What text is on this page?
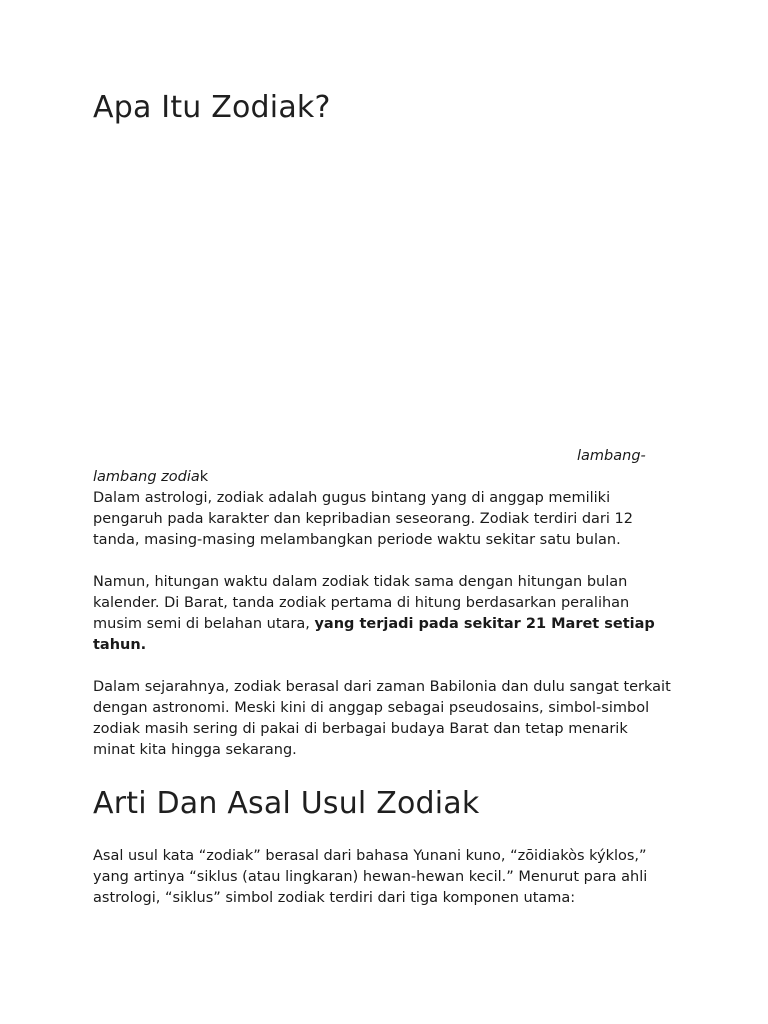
Apa Itu Zodiak?
lambang-
lambang zodiak

Dalam astrologi, zodiak adalah gugus bintang yang di anggap memiliki
pengaruh pada karakter dan kepribadian seseorang. Zodiak terdiri dari 12
tanda, masing-masing melambangkan periode waktu sekitar satu bulan.

Namun, hitungan waktu dalam zodiak tidak sama dengan hitungan bulan
kalender. Di Barat, tanda zodiak pertama di hitung berdasarkan peralihan
musim semi di belahan utara, yang terjadi pada sekitar 21 Maret setiap
tahun.

Dalam sejarahnya, zodiak berasal dari zaman Babilonia dan dulu sangat terkait
dengan astronomi. Meski kini di anggap sebagai pseudosains, simbol-simbol
zodiak masih sering di pakai di berbagai budaya Barat dan tetap menarik
minat kita hingga sekarang.

Arti Dan Asal Usul Zodiak

Asal usul kata “zodiak” berasal dari bahasa Yunani kuno, “zōidiakòs kýklos,”
yang artinya “siklus (atau lingkaran) hewan-hewan kecil.” Menurut para ahli
astrologi, “siklus” simbol zodiak terdiri dari tiga komponen utama:
